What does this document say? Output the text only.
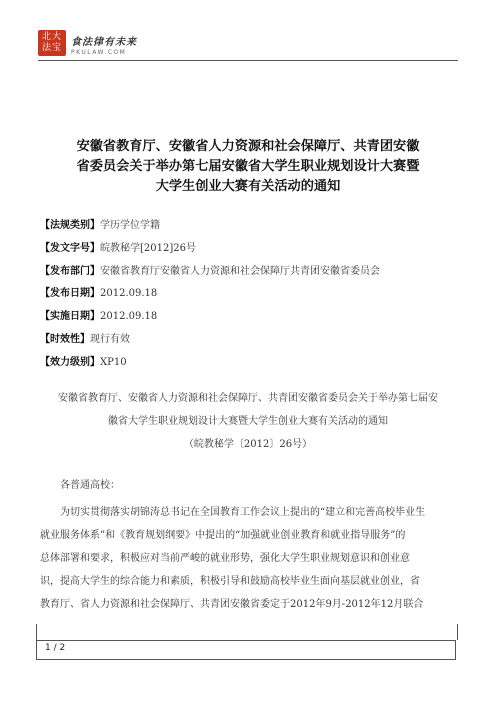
北大
法宝 食法律有未来
PKULAW.COM
安徽省教育厅、安徽省人力资源和社会保障厅、共青团安徽
省委员会关于举办第七届安徽省大学生职业规划设计大赛暨
大学生创业大赛有关活动的通知
【法规类别】学历学位学籍
【发文字号】皖教秘学[2012]26号
【发布部门】安徽省教育厅安徽省人力资源和社会保障厅共青团安徽省委员会
【发布日期】2012.09.18
【实施日期】2012.09.18
【时效性】现行有效
【效力级别】XP10
安徽省教育厅、安徽省人力资源和社会保障厅、共青团安徽省委员会关于举办第七届安
徽省大学生职业规划设计大赛暨大学生创业大赛有关活动的通知
（皖教秘学〔2012〕26号）
各普通高校：
为切实贯彻落实胡锦涛总书记在全国教育工作会议上提出的“建立和完善高校毕业生
就业服务体系”和《教育规划纲要》中提出的“加强就业创业教育和就业指导服务”的
总体部署和要求，积极应对当前严峻的就业形势，强化大学生职业规划意识和创业意
识，提高大学生的综合能力和素质，积极引导和鼓励高校毕业生面向基层就业创业，省
教育厅、省人力资源和社会保障厅、共青团安徽省委定于2012年9月-2012年12月联合
1 / 2
